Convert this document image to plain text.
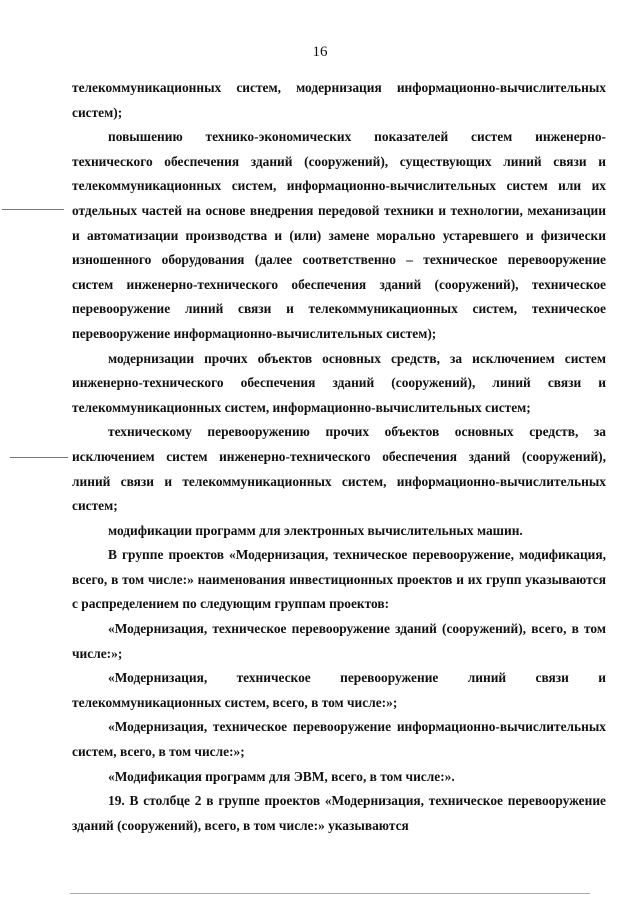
16

телекоммуникационных систем, модернизация информационно-вычислительных систем);

повышению технико-экономических показателей систем инженерно-технического обеспечения зданий (сооружений), существующих линий связи и телекоммуникационных систем, информационно-вычислительных систем или их отдельных частей на основе внедрения передовой техники и технологии, механизации и автоматизации производства и (или) замене морально устаревшего и физически изношенного оборудования (далее соответственно – техническое перевооружение систем инженерно-технического обеспечения зданий (сооружений), техническое перевооружение линий связи и телекоммуникационных систем, техническое перевооружение информационно-вычислительных систем);

модернизации прочих объектов основных средств, за исключением систем инженерно-технического обеспечения зданий (сооружений), линий связи и телекоммуникационных систем, информационно-вычислительных систем;

техническому перевооружению прочих объектов основных средств, за исключением систем инженерно-технического обеспечения зданий (сооружений), линий связи и телекоммуникационных систем, информационно-вычислительных систем;

модификации программ для электронных вычислительных машин.

В группе проектов «Модернизация, техническое перевооружение, модификация, всего, в том числе:» наименования инвестиционных проектов и их групп указываются с распределением по следующим группам проектов:

«Модернизация, техническое перевооружение зданий (сооружений), всего, в том числе:»;

«Модернизация, техническое перевооружение линий связи и телекоммуникационных систем, всего, в том числе:»;

«Модернизация, техническое перевооружение информационно-вычислительных систем, всего, в том числе:»;

«Модификация программ для ЭВМ, всего, в том числе:».

19. В столбце 2 в группе проектов «Модернизация, техническое перевооружение зданий (сооружений), всего, в том числе:» указываются
